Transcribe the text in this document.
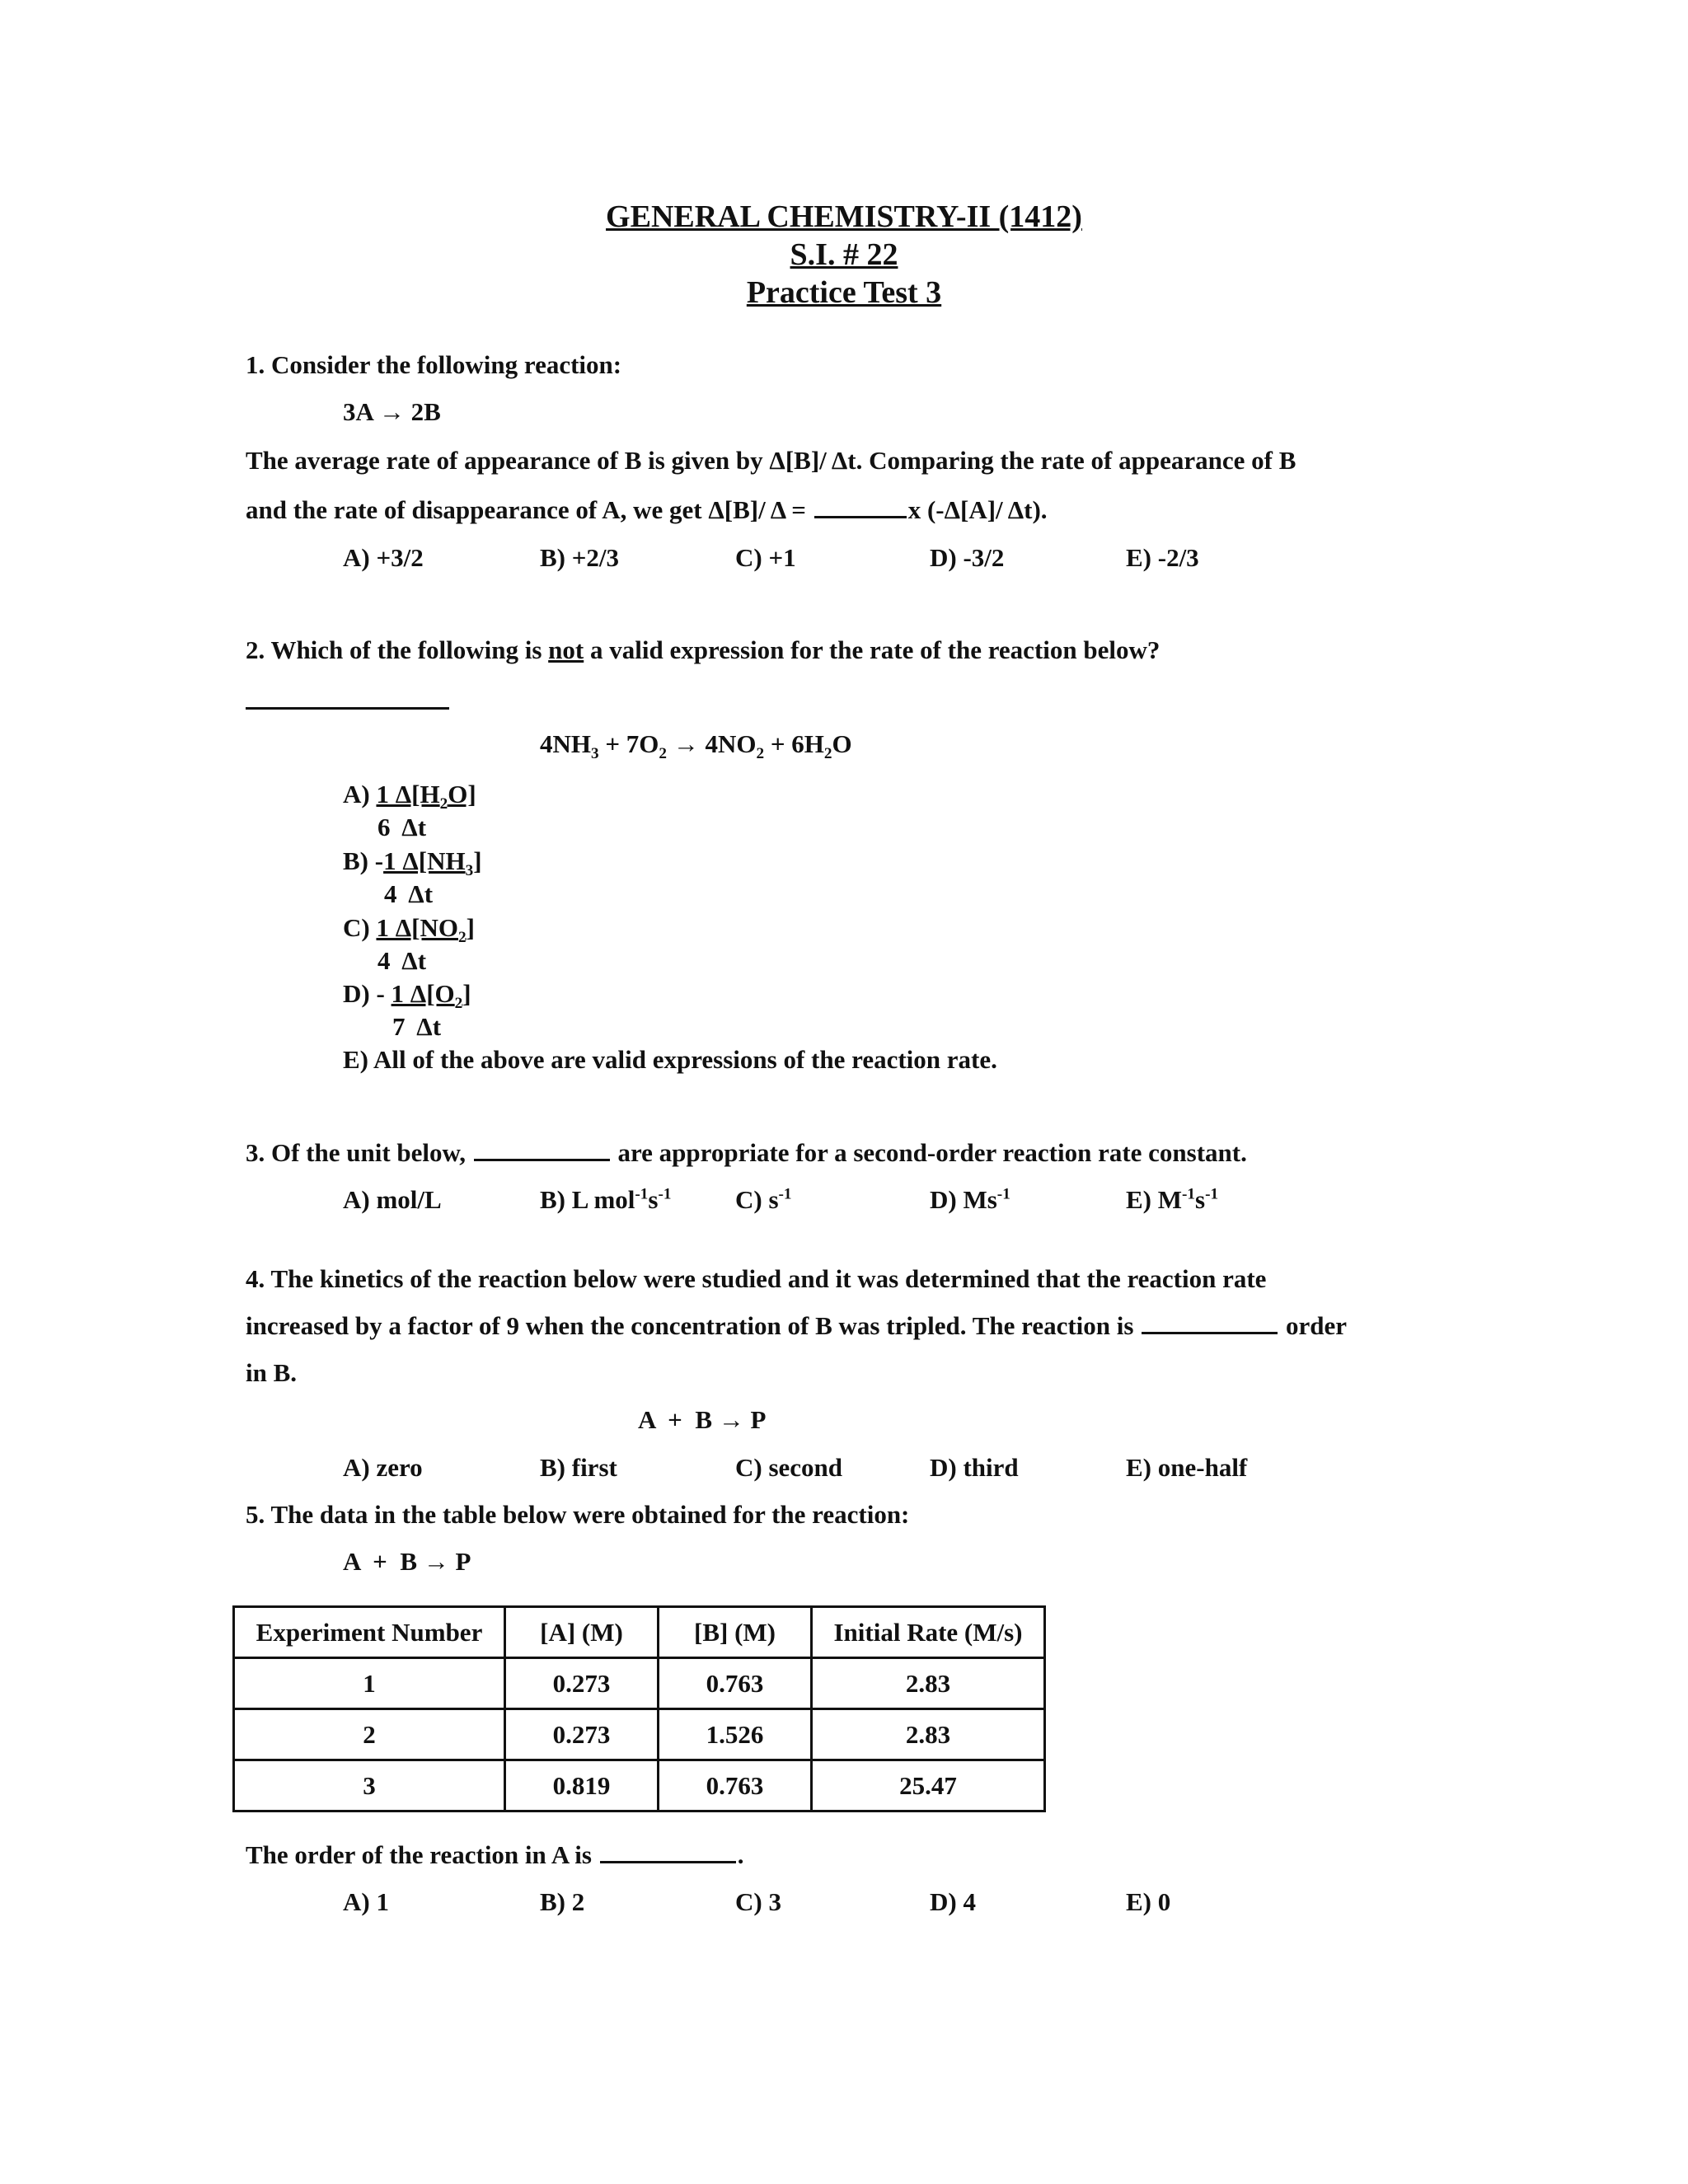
GENERAL CHEMISTRY-II (1412)
S.I. # 22
Practice Test 3
1. Consider the following reaction:
3A → 2B
The average rate of appearance of B is given by Δ[B]/ Δt. Comparing the rate of appearance of B
and the rate of disappearance of A, we get Δ[B]/ Δ =	x (-Δ[A]/ Δt).
A) +3/2	B) +2/3	C) +1	D) -3/2	E) -2/3
2. Which of the following is not a valid expression for the rate of the reaction below?
$4NH_3 + 7O_2 \to 4NO_2 + 6H_2O$
A) 1 $\Delta[H_2O]$
6  Δt
B) -1 $\Delta[NH_3]$
4  Δt
C) 1 $\Delta[NO_2]$
4  Δt
D) - 1 $\Delta[O_2]$
7  Δt
E) All of the above are valid expressions of the reaction rate.
3. Of the unit below,	are appropriate for a second-order reaction rate constant.
A) mol/L	B) L $mol^{-1}s^{-1}$	C) $s^{-1}$	D) $Ms^{-1}$	E) $M^{-1}s^{-1}$
4. The kinetics of the reaction below were studied and it was determined that the reaction rate
increased by a factor of 9 when the concentration of B was tripled. The reaction is	order
in B.
A  +  B → P
A) zero	B) first	C) second	D) third	E) one-half
5. The data in the table below were obtained for the reaction:
A  +  B → P
Experiment Number	[A] (M)	[B] (M)	Initial Rate (M/s)
1	0.273	0.763	2.83
2	0.273	1.526	2.83
3	0.819	0.763	25.47
The order of the reaction in A is	.
A) 1	B) 2	C) 3	D) 4	E) 0
